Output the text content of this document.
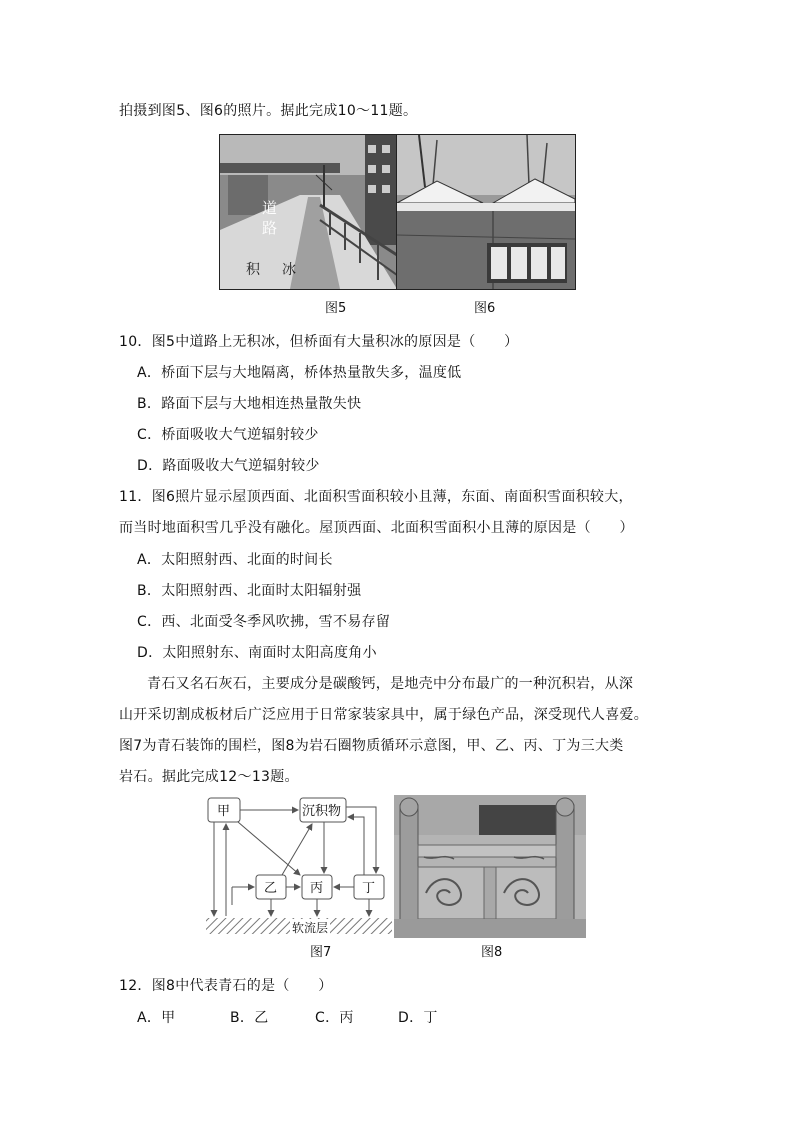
拍摄到图5、图6的照片。据此完成10～11题。
道
路
积 冰
图5	图6
10．图5中道路上无积冰，但桥面有大量积冰的原因是（　　）
A．桥面下层与大地隔离，桥体热量散失多，温度低
B．路面下层与大地相连热量散失快
C．桥面吸收大气逆辐射较少
D．路面吸收大气逆辐射较少
11．图6照片显示屋顶西面、北面积雪面积较小且薄，东面、南面积雪面积较大，
而当时地面积雪几乎没有融化。屋顶西面、北面积雪面积小且薄的原因是（　　）
A．太阳照射西、北面的时间长
B．太阳照射西、北面时太阳辐射强
C．西、北面受冬季风吹拂，雪不易存留
D．太阳照射东、南面时太阳高度角小
青石又名石灰石，主要成分是碳酸钙，是地壳中分布最广的一种沉积岩，从深
山开采切割成板材后广泛应用于日常家装家具中，属于绿色产品，深受现代人喜爱。
图7为青石装饰的围栏，图8为岩石圈物质循环示意图，甲、乙、丙、丁为三大类
岩石。据此完成12～13题。
甲	沉积物
乙	丙	丁
软流层
图7	图8
12．图8中代表青石的是（　　）
A．甲	B．乙	C．丙	D．丁
